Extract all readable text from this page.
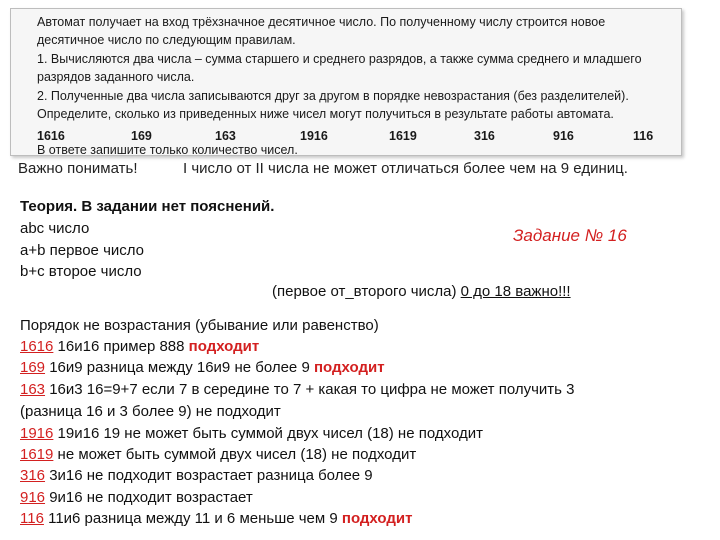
Автомат получает на вход трёхзначное десятичное число. По полученному числу строится новое
десятичное число по следующим правилам.
1. Вычисляются два числа – сумма старшего и среднего разрядов, а также сумма среднего и младшего
разрядов заданного числа.
2. Полученные два числа записываются друг за другом в порядке невозрастания (без разделителей).
Определите, сколько из приведенных ниже чисел могут получиться в результате работы автомата.
1616	169	163	1916	1619	316	916	116
В ответе запишите только количество чисел.
Важно понимать!	I число от II числа не может отличаться более чем на 9 единиц.
Теория. В задании нет пояснений.
abc число
a+b первое число
b+c второе число
Задание № 16
(первое от_второго числа) 0 до 18 важно!!!
Порядок не возрастания (убывание или равенство)
1616 16и16 пример 888 подходит
169 16и9 разница между 16и9 не более 9 подходит
163 16и3 16=9+7 если 7 в середине то 7 + какая то цифра не может получить 3
(разница 16 и 3 более 9) не подходит
1916 19и16 19 не может быть суммой двух чисел (18) не подходит
1619 не может быть суммой двух чисел (18) не подходит
316 3и16 не подходит возрастает разница более 9
916 9и16 не подходит возрастает
116 11и6 разница между 11 и 6 меньше чем 9 подходит
